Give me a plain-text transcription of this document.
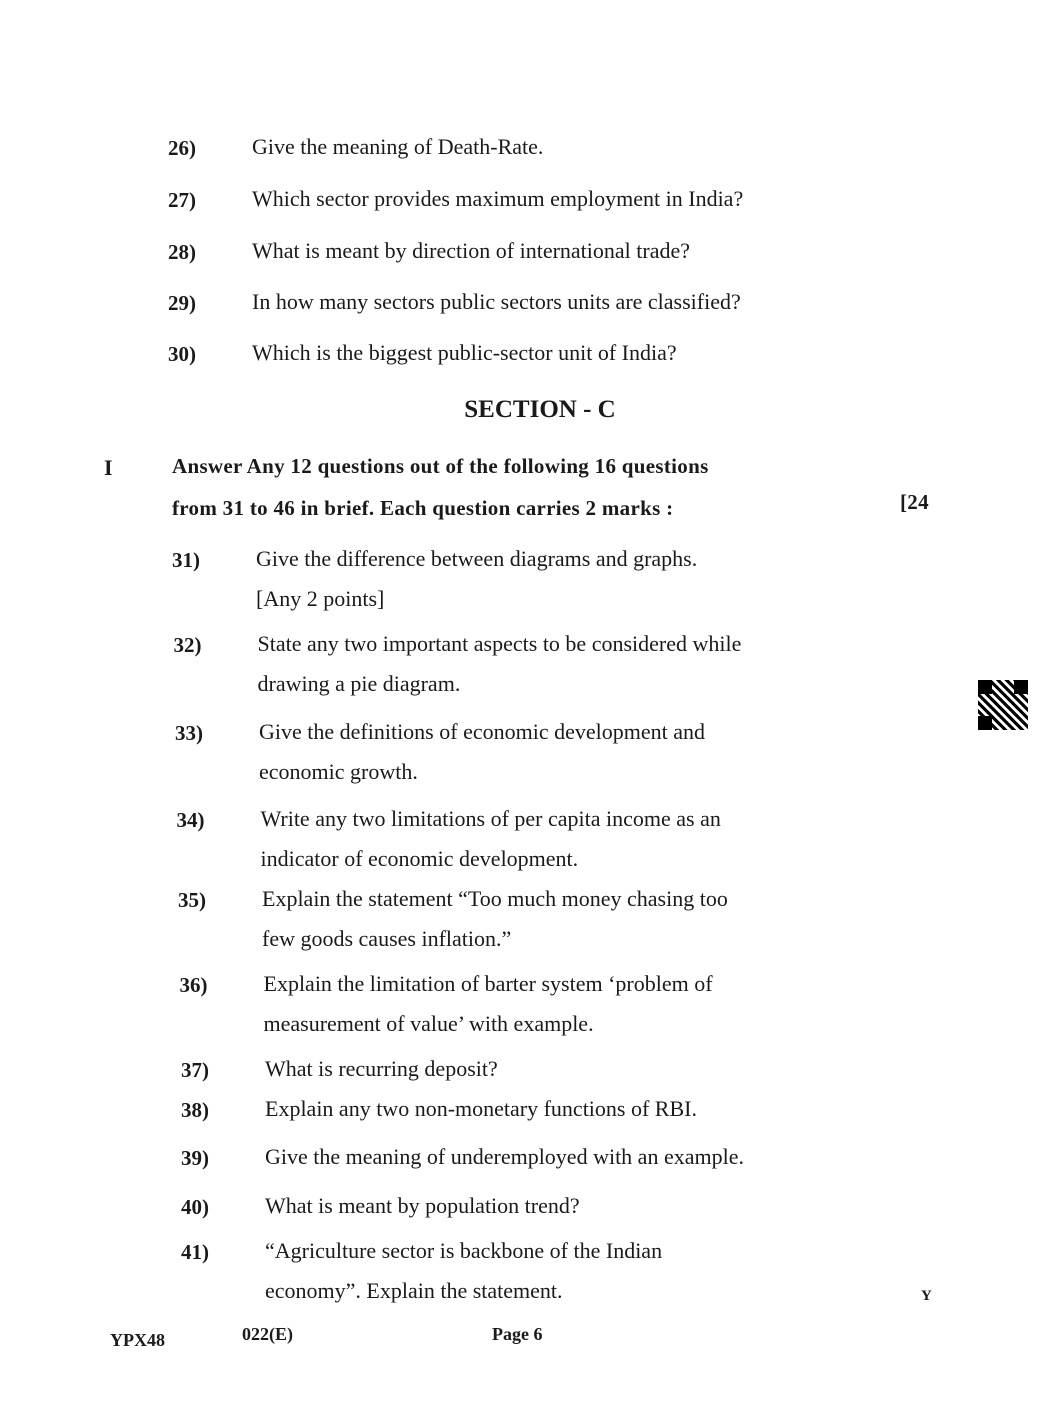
SECTION - C
I	Answer Any 12 questions out of the following 16 questions
from 31 to 46 in brief. Each question carries 2 marks :	[24
YPX48	022(E)	Page 6
Y
26)	Give the meaning of Death-Rate.
27)	Which sector provides maximum employment in India?
28)	What is meant by direction of international trade?
29)	In how many sectors public sectors units are classified?
30)	Which is the biggest public-sector unit of India?
31)	Give the difference between diagrams and graphs.
[Any 2 points]
32)	State any two important aspects to be considered while
drawing a pie diagram.
33)	Give the definitions of economic development and
economic growth.
34)	Write any two limitations of per capita income as an
indicator of economic development.
35)	Explain the statement “Too much money chasing too
few goods causes inflation.”
36)	Explain the limitation of barter system ‘problem of
measurement of value’ with example.
37)	What is recurring deposit?
38)	Explain any two non-monetary functions of RBI.
39)	Give the meaning of underemployed with an example.
40)	What is meant by population trend?
41)	“Agriculture sector is backbone of the Indian
economy”. Explain the statement.
